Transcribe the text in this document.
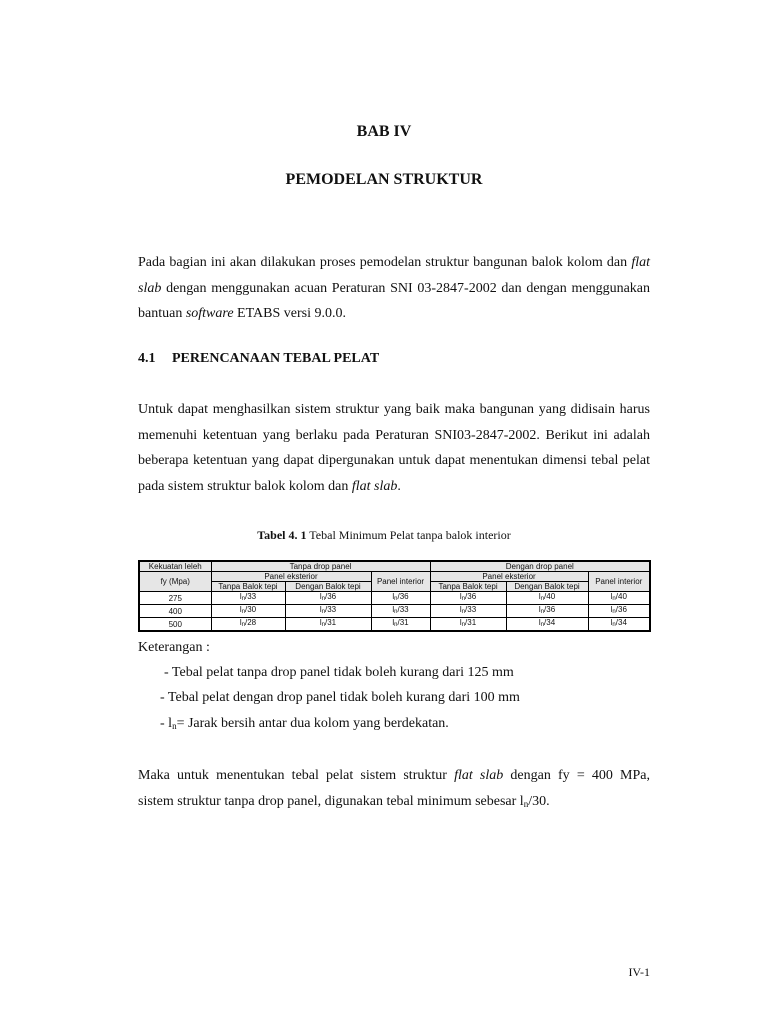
BAB IV
PEMODELAN STRUKTUR
Pada bagian ini akan dilakukan proses pemodelan struktur bangunan balok kolom dan flat
slab dengan menggunakan acuan Peraturan SNI 03-2847-2002 dan dengan menggunakan
bantuan software ETABS versi 9.0.0.
4.1 PERENCANAAN TEBAL PELAT
Untuk dapat menghasilkan sistem struktur yang baik maka bangunan yang didisain harus
memenuhi ketentuan yang berlaku pada Peraturan SNI03-2847-2002. Berikut ini adalah
beberapa ketentuan yang dapat dipergunakan untuk dapat menentukan dimensi tebal pelat
pada sistem struktur balok kolom dan flat slab.
Tabel 4. 1 Tebal Minimum Pelat tanpa balok interior
Kekuatan leleh	Tanpa drop panel			Dengan drop panel		
fy (Mpa)	Panel eksterior		Panel interior	Panel eksterior		Panel interior
	Tanpa Balok tepi	Dengan Balok tepi		Tanpa Balok tepi	Dengan Balok tepi	
275	$l_n/33$	$l_n/36$	$l_n/36$	$l_n/36$	$l_n/40$	$l_n/40$
400	$l_n/30$	$l_n/33$	$l_n/33$	$l_n/33$	$l_n/36$	$l_n/36$
500	$l_n/28$	$l_n/31$	$l_n/31$	$l_n/31$	$l_n/34$	$l_n/34$
Keterangan :
- Tebal pelat tanpa drop panel tidak boleh kurang dari 125 mm
- Tebal pelat dengan drop panel tidak boleh kurang dari 100 mm
- $l_n=$ Jarak bersih antar dua kolom yang berdekatan.
Maka untuk menentukan tebal pelat sistem struktur flat slab dengan fy = 400 MPa,
sistem struktur tanpa drop panel, digunakan tebal minimum sebesar $l_n/30$.
IV-1
